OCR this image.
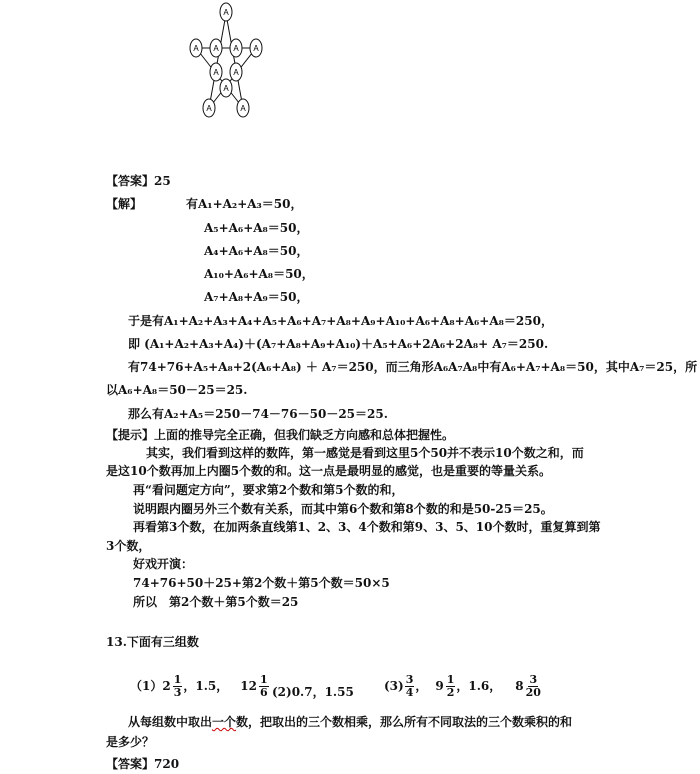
A
A A A A
A A
A
A	A
【答案】25
【解】	有A₁+A₂+A₃＝50，
A₅+A₆+A₈＝50，
A₄+A₆+A₈＝50，
A₁₀+A₆+A₈＝50，
A₇+A₈+A₉＝50，
于是有A₁+A₂+A₃+A₄+A₅+A₆+A₇+A₈+A₉+A₁₀+A₆+A₈+A₆+A₈＝250，
即 (A₁+A₂+A₃+A₄)＋(A₇+A₈+A₉+A₁₀)＋A₅+A₆+2A₆+2A₈+ A₇＝250.
有74+76+A₅+A₈+2(A₆+A₈) ＋ A₇＝250，而三角形A₆A₇A₈中有A₆+A₇+A₈＝50，其中A₇＝25，所
以A₆+A₈＝50－25＝25.
那么有A₂+A₅＝250－74－76－50－25＝25.
【提示】上面的推导完全正确，但我们缺乏方向感和总体把握性。
其实，我们看到这样的数阵，第一感觉是看到这里5个50并不表示10个数之和，而
是这10个数再加上内圈5个数的和。这一点是最明显的感觉，也是重要的等量关系。
再“看问题定方向”，要求第2个数和第5个数的和，
说明跟内圈另外三个数有关系，而其中第6个数和第8个数的和是50-25＝25。
再看第3个数，在加两条直线第1、2、3、4个数和第9、3、5、10个数时，重复算到第
3个数，
好戏开演：
74+76+50＋25+第2个数＋第5个数＝50×5
所以　第2个数＋第5个数＝25
13.下面有三组数
（1） $2 \frac{1}{3}$ ，1.5， $12 \frac{1}{6} (2)0.7$，1.55	$(3) \frac{3}{4}$ ， $9 \frac{1}{2}$ ，1.6， $8 \frac{3}{20}$
从每组数中取出一个数，把取出的三个数相乘，那么所有不同取法的三个数乘积的和
是多少？
【答案】720
